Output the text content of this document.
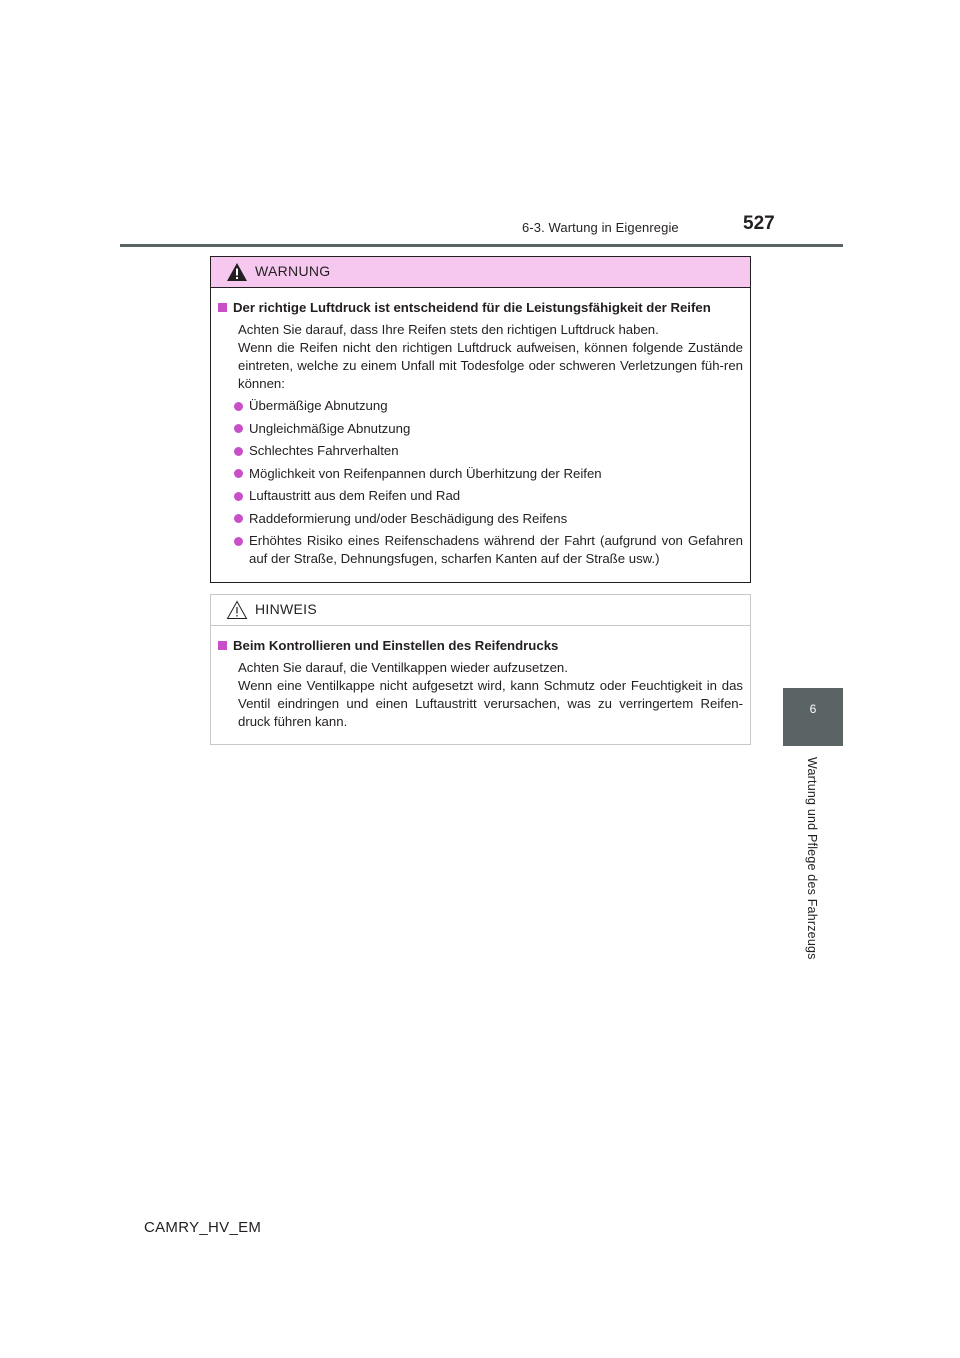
6-3. Wartung in Eigenregie	527
6
Wartung und Pflege des Fahrzeugs
WARNUNG
Der richtige Luftdruck ist entscheidend für die Leistungsfähigkeit der Reifen
Achten Sie darauf, dass Ihre Reifen stets den richtigen Luftdruck haben.
Wenn die Reifen nicht den richtigen Luftdruck aufweisen, können folgende Zustände eintreten, welche zu einem Unfall mit Todesfolge oder schweren Verletzungen füh-ren können:
Übermäßige Abnutzung
Ungleichmäßige Abnutzung
Schlechtes Fahrverhalten
Möglichkeit von Reifenpannen durch Überhitzung der Reifen
Luftaustritt aus dem Reifen und Rad
Raddeformierung und/oder Beschädigung des Reifens
Erhöhtes Risiko eines Reifenschadens während der Fahrt (aufgrund von Gefahren auf der Straße, Dehnungsfugen, scharfen Kanten auf der Straße usw.)
HINWEIS
Beim Kontrollieren und Einstellen des Reifendrucks
Achten Sie darauf, die Ventilkappen wieder aufzusetzen.
Wenn eine Ventilkappe nicht aufgesetzt wird, kann Schmutz oder Feuchtigkeit in das Ventil eindringen und einen Luftaustritt verursachen, was zu verringertem Reifen-druck führen kann.
CAMRY_HV_EM
